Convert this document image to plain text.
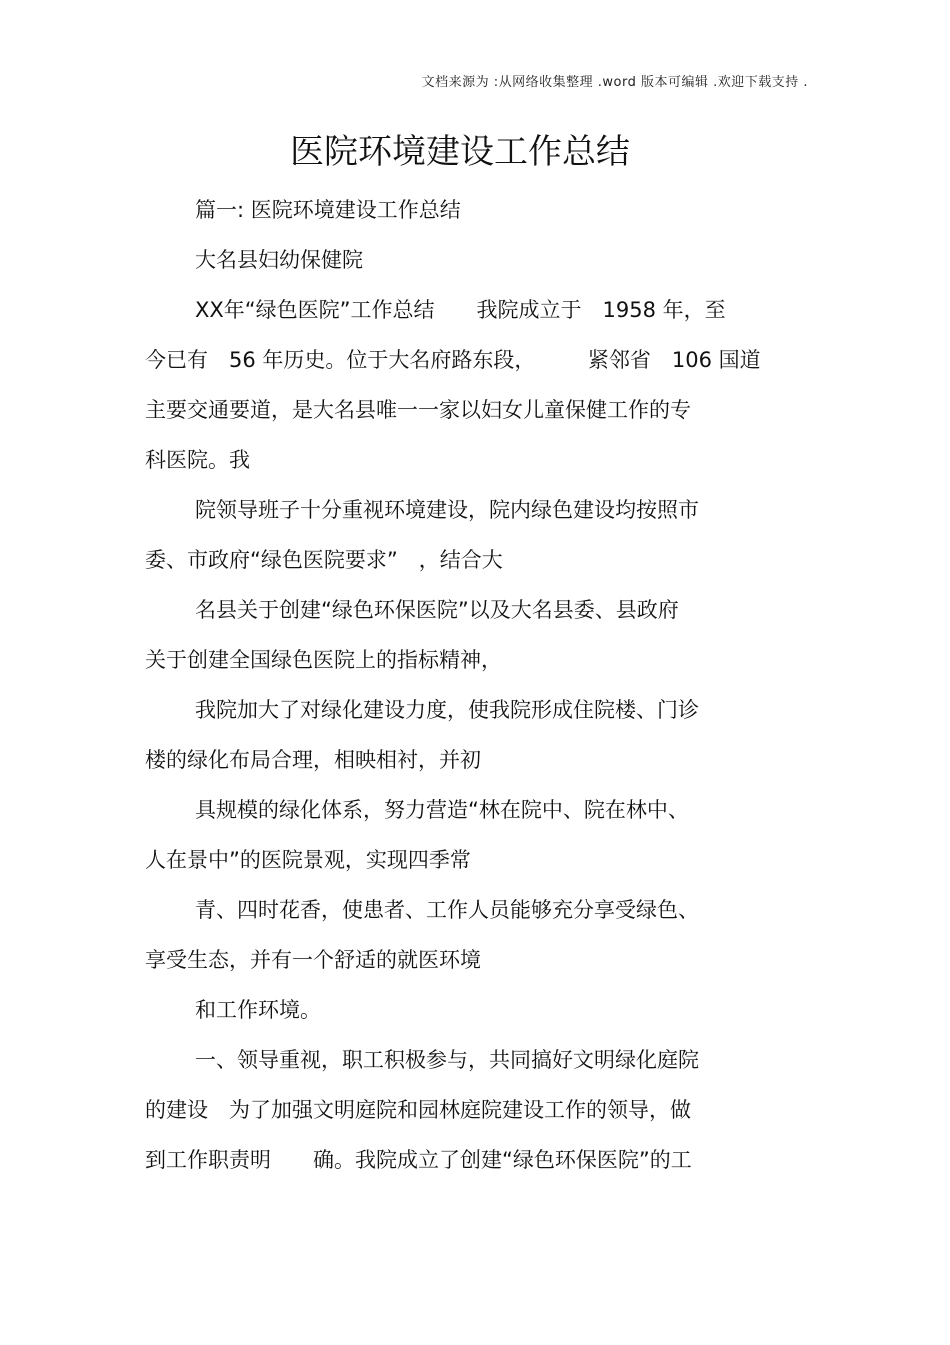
文档来源为 :从网络收集整理 .word 版本可编辑 .欢迎下载支持 .
医院环境建设工作总结
篇一: 医院环境建设工作总结
大名县妇幼保健院
XX年“绿色医院”工作总结　　我院成立于　1958 年，至
今已有　56 年历史。位于大名府路东段，　　　紧邻省　106 国道
主要交通要道，是大名县唯一一家以妇女儿童保健工作的专
科医院。我
院领导班子十分重视环境建设，院内绿色建设均按照市
委、市政府“绿色医院要求”　，结合大
名县关于创建“绿色环保医院”以及大名县委、县政府
关于创建全国绿色医院上的指标精神，
我院加大了对绿化建设力度，使我院形成住院楼、门诊
楼的绿化布局合理，相映相衬，并初
具规模的绿化体系，努力营造“林在院中、院在林中、
人在景中”的医院景观，实现四季常
青、四时花香，使患者、工作人员能够充分享受绿色、
享受生态，并有一个舒适的就医环境
和工作环境。
一、领导重视，职工积极参与，共同搞好文明绿化庭院
的建设　为了加强文明庭院和园林庭院建设工作的领导，做
到工作职责明　　确。我院成立了创建“绿色环保医院”的工
